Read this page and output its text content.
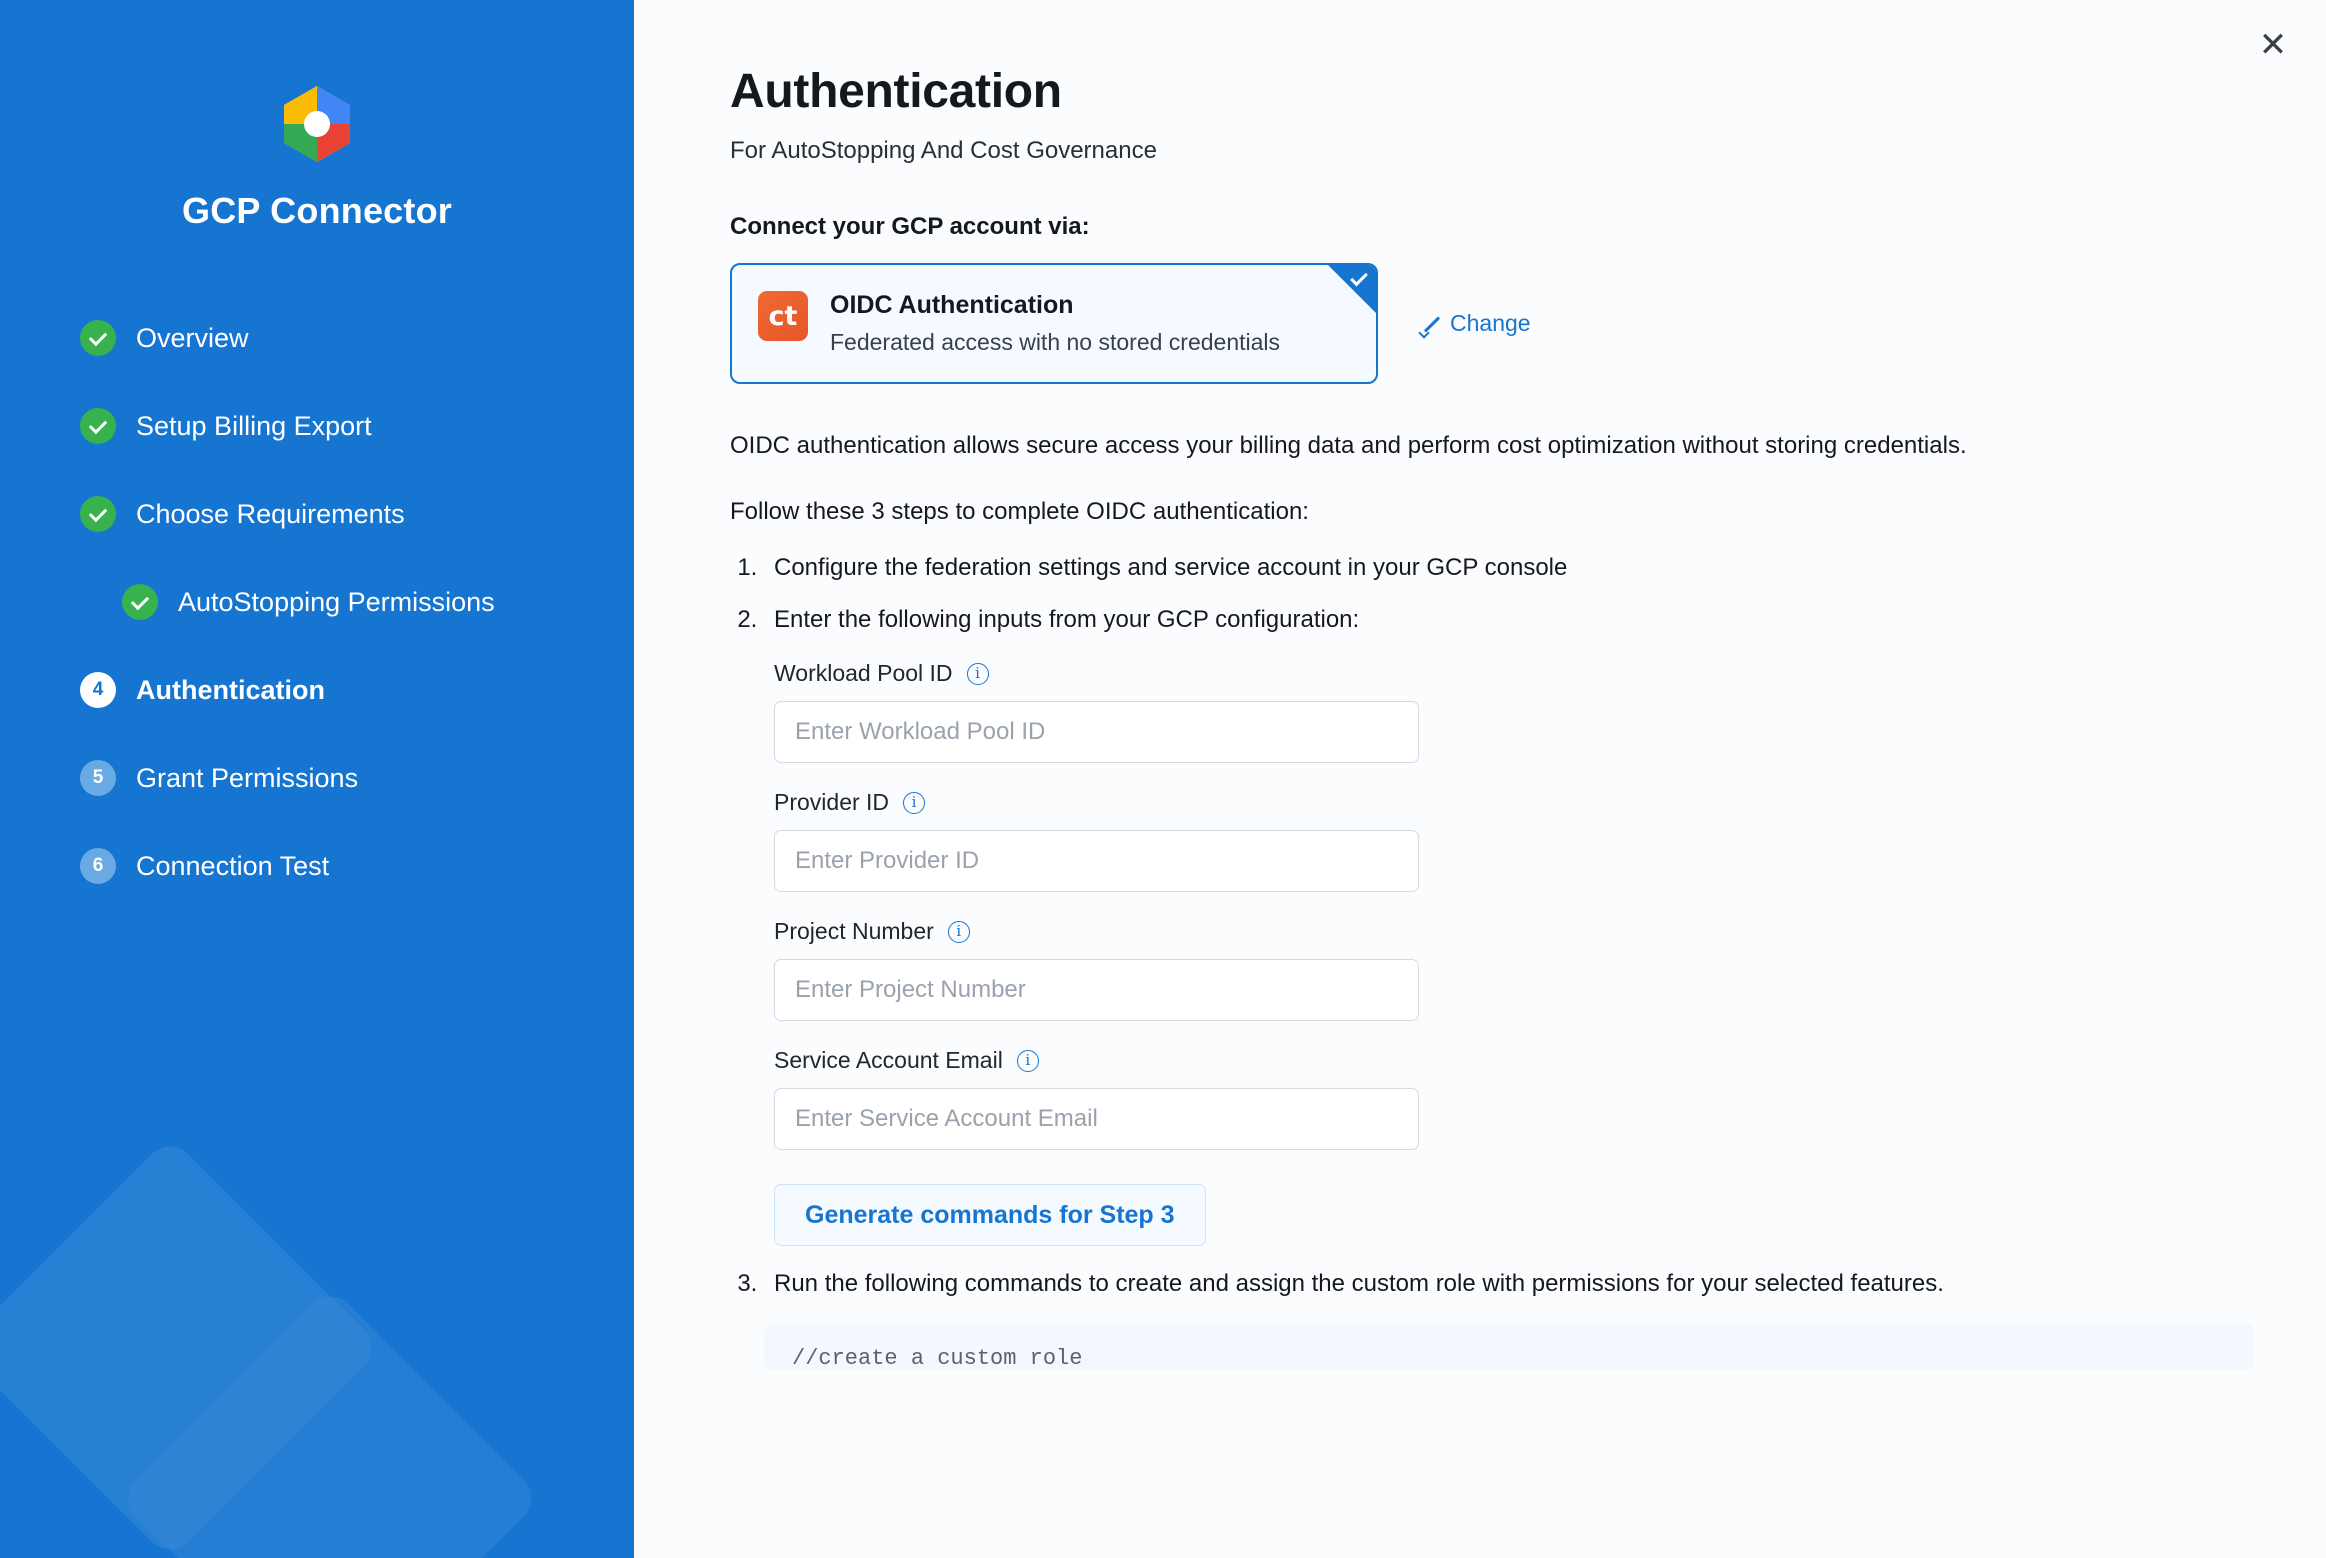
GCP Connector
Overview
Setup Billing Export
Choose Requirements
AutoStopping Permissions
4	Authentication
5	Grant Permissions
6	Connection Test
✕
Authentication
For AutoStopping And Cost Governance
Connect your GCP account via:
ct	OIDC Authentication
Federated access with no stored credentials
Change
OIDC authentication allows secure access your billing data and perform cost optimization without storing credentials.
Follow these 3 steps to complete OIDC authentication:
1. Configure the federation settings and service account in your GCP console
2. Enter the following inputs from your GCP configuration:
Workload Pool ID	i
Enter Workload Pool ID
Provider ID	i
Enter Provider ID
Project Number	i
Enter Project Number
Service Account Email	i
Enter Service Account Email
Generate commands for Step 3
3. Run the following commands to create and assign the custom role with permissions for your selected features.
//create a custom role
